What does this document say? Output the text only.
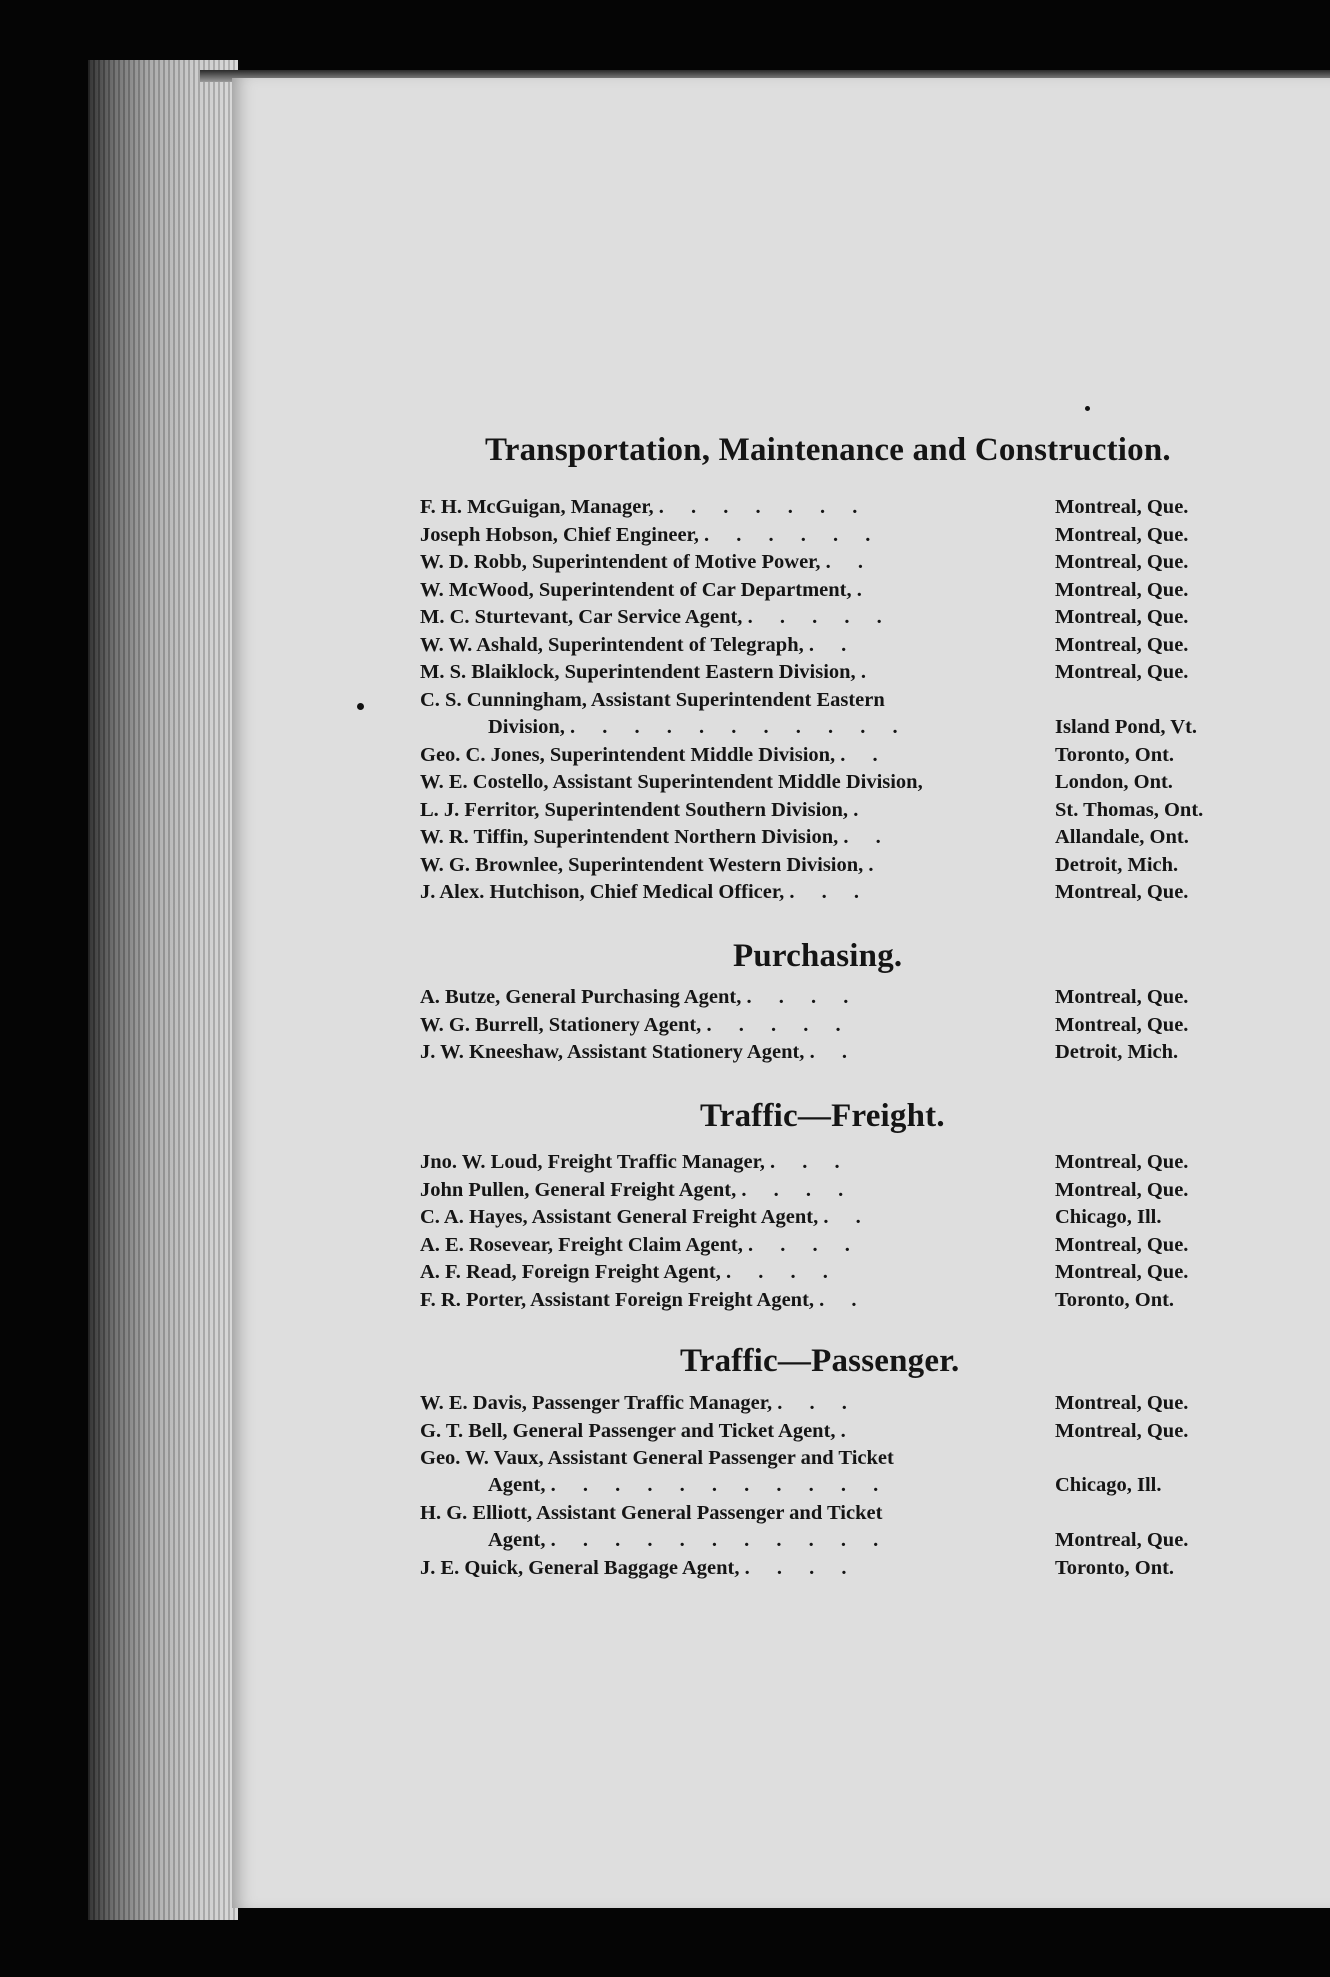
Transportation, Maintenance and Construction.
F. H. McGuigan, Manager, . . . . . . .	Montreal, Que.
Joseph Hobson, Chief Engineer, . . . . . .	Montreal, Que.
W. D. Robb, Superintendent of Motive Power, . .	Montreal, Que.
W. McWood, Superintendent of Car Department, .	Montreal, Que.
M. C. Sturtevant, Car Service Agent, . . . . .	Montreal, Que.
W. W. Ashald, Superintendent of Telegraph, . .	Montreal, Que.
M. S. Blaiklock, Superintendent Eastern Division, .	Montreal, Que.
C. S. Cunningham, Assistant Superintendent Eastern
Division, . . . . . . . . . . .	Island Pond, Vt.
Geo. C. Jones, Superintendent Middle Division, . .	Toronto, Ont.
W. E. Costello, Assistant Superintendent Middle Division,	London, Ont.
L. J. Ferritor, Superintendent Southern Division, .	St. Thomas, Ont.
W. R. Tiffin, Superintendent Northern Division, . .	Allandale, Ont.
W. G. Brownlee, Superintendent Western Division, .	Detroit, Mich.
J. Alex. Hutchison, Chief Medical Officer, . . .	Montreal, Que.
Purchasing.
A. Butze, General Purchasing Agent, . . . .	Montreal, Que.
W. G. Burrell, Stationery Agent, . . . . .	Montreal, Que.
J. W. Kneeshaw, Assistant Stationery Agent, . .	Detroit, Mich.
Traffic—Freight.
Jno. W. Loud, Freight Traffic Manager, . . .	Montreal, Que.
John Pullen, General Freight Agent, . . . .	Montreal, Que.
C. A. Hayes, Assistant General Freight Agent, . .	Chicago, Ill.
A. E. Rosevear, Freight Claim Agent, . . . .	Montreal, Que.
A. F. Read, Foreign Freight Agent, . . . .	Montreal, Que.
F. R. Porter, Assistant Foreign Freight Agent, . .	Toronto, Ont.
Traffic—Passenger.
W. E. Davis, Passenger Traffic Manager, . . .	Montreal, Que.
G. T. Bell, General Passenger and Ticket Agent, .	Montreal, Que.
Geo. W. Vaux, Assistant General Passenger and Ticket
Agent, . . . . . . . . . . .	Chicago, Ill.
H. G. Elliott, Assistant General Passenger and Ticket
Agent, . . . . . . . . . . .	Montreal, Que.
J. E. Quick, General Baggage Agent, . . . .	Toronto, Ont.
